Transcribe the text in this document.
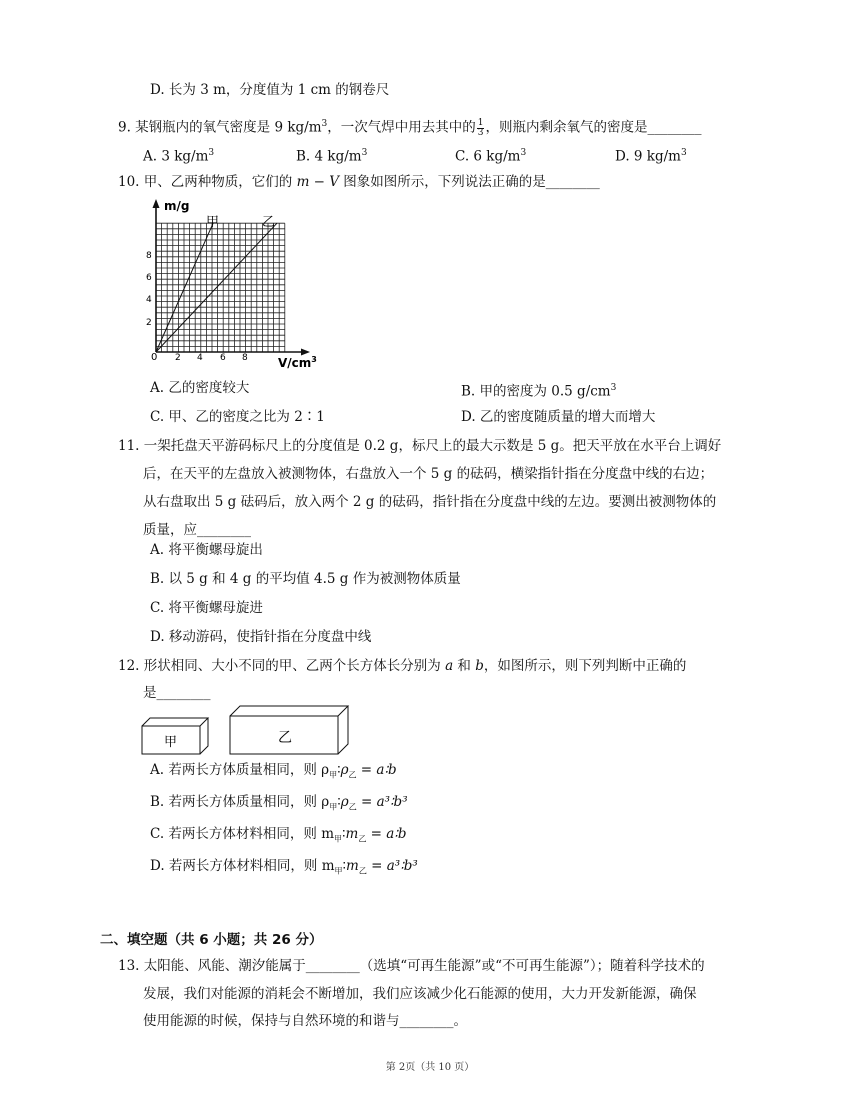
D. 长为 3 m，分度值为 1 cm 的钢卷尺
9. 某钢瓶内的氧气密度是 9 $kg/m^3$，一次气焊中用去其中的 $\frac{1}{3}$ ，则瓶内剩余氧气的密度是________
A. 3 $kg/m^3$	B. 4 $kg/m^3$	C. 6 $kg/m^3$	D. 9 $kg/m^3$
10. 甲、乙两种物质，它们的 m − V 图象如图所示，下列说法正确的是________
m/g
甲	乙
0
2
4
6
8
2 4 6 8	$V/cm^3$
A. 乙的密度较大	B. 甲的密度为 0.5 $g/cm^3$
C. 甲、乙的密度之比为 2∶1	D. 乙的密度随质量的增大而增大
11. 一架托盘天平游码标尺上的分度值是 0.2 g，标尺上的最大示数是 5 g。把天平放在水平台上调好
后，在天平的左盘放入被测物体，右盘放入一个 5 g 的砝码，横梁指针指在分度盘中线的右边；
从右盘取出 5 g 砝码后，放入两个 2 g 的砝码，指针指在分度盘中线的左边。要测出被测物体的
质量，应________
A. 将平衡螺母旋出
B. 以 5 g 和 4 g 的平均值 4.5 g 作为被测物体质量
C. 将平衡螺母旋进
D. 移动游码，使指针指在分度盘中线
12. 形状相同、大小不同的甲、乙两个长方体长分别为 a 和 b，如图所示，则下列判断中正确的
是________
甲	乙
A. 若两长方体质量相同，则 $\rho_甲∶\rho_乙$ = a∶b
B. 若两长方体质量相同，则 $\rho_甲∶\rho_乙$ = a³∶b³
C. 若两长方体材料相同，则 $m_甲∶m_乙$ = a∶b
D. 若两长方体材料相同，则 $m_甲∶m_乙$ = a³∶b³
二、填空题（共 6 小题；共 26 分）
13. 太阳能、风能、潮汐能属于________（选填“可再生能源”或“不可再生能源”）；随着科学技术的
发展，我们对能源的消耗会不断增加，我们应该减少化石能源的使用，大力开发新能源，确保
使用能源的时候，保持与自然环境的和谐与________。
第 2页（共 10 页）
